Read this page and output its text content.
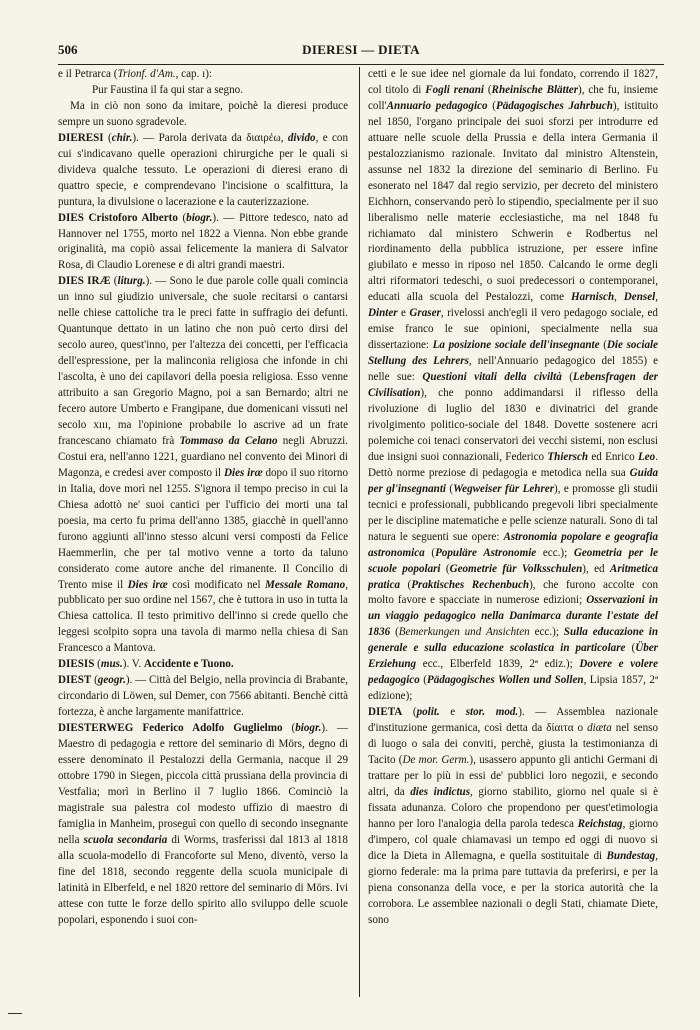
506	DIERESI — DIETA

e il Petrarca (Trionf. d'Am., cap. ı):

Pur Faustina il fa qui star a segno.

Ma in ciò non sono da imitare, poichè la dieresi produce sempre un suono sgradevole.

DIERESI (chir.). — Parola derivata da διαιρέω, divido, e con cui s'indicavano quelle operazioni chirurgiche per le quali si divideva qualche tessuto. Le operazioni di dieresi erano di quattro specie, e comprendevano l'incisione o scalfittura, la puntura, la divulsione o lacerazione e la cauterizzazione.

DIES Cristoforo Alberto (biogr.). — Pittore tedesco, nato ad Hannover nel 1755, morto nel 1822 a Vienna. Non ebbe grande originalità, ma copiò assai felicemente la maniera di Salvator Rosa, di Claudio Lorenese e di altri grandi maestri.

DIES IRÆ (liturg.). — Sono le due parole colle quali comincia un inno sul giudizio universale, che suole recitarsi o cantarsi nelle chiese cattoliche tra le preci fatte in suffragio dei defunti. Quantunque dettato in un latino che non può certo dirsi del secolo aureo, quest'inno, per l'altezza dei concetti, per l'efficacia dell'espressione, per la malinconia religiosa che infonde in chi l'ascolta, è uno dei capilavori della poesia religiosa. Esso venne attribuito a san Gregorio Magno, poi a san Bernardo; altri ne fecero autore Umberto e Frangipane, due domenicani vissuti nel secolo xııı, ma l'opinione probabile lo ascrive ad un frate francescano chiamato frà Tommaso da Celano negli Abruzzi. Costui era, nell'anno 1221, guardiano nel convento dei Minori di Magonza, e credesi aver composto il Dies iræ dopo il suo ritorno in Italia, dove morì nel 1255. S'ignora il tempo preciso in cui la Chiesa adottò ne' suoi cantici per l'ufficio dei morti una tal poesia, ma certo fu prima dell'anno 1385, giacchè in quell'anno furono aggiunti all'inno stesso alcuni versi composti da Felice Haemmerlin, che per tal motivo venne a torto da taluno considerato come autore anche del rimanente. Il Concilio di Trento mise il Dies iræ così modificato nel Messale Romano, pubblicato per suo ordine nel 1567, che è tuttora in uso in tutta la Chiesa cattolica. Il testo primitivo dell'inno si crede quello che leggesi scolpito sopra una tavola di marmo nella chiesa di San Francesco a Mantova.

DIESIS (mus.). V. Accidente e Tuono.

DIEST (geogr.). — Città del Belgio, nella provincia di Brabante, circondario di Löwen, sul Demer, con 7566 abitanti. Benchè città fortezza, è anche largamente manifattrice.

DIESTERWEG Federico Adolfo Guglielmo (biogr.). — Maestro di pedagogia e rettore del seminario di Mörs, degno di essere denominato il Pestalozzi della Germania, nacque il 29 ottobre 1790 in Siegen, piccola città prussiana della provincia di Vestfalia; morì in Berlino il 7 luglio 1866. Cominciò la magistrale sua palestra col modesto uffizio di maestro di famiglia in Manheim, proseguì con quello di secondo insegnante nella scuola secondaria di Worms, trasferissi dal 1813 al 1818 alla scuola-modello di Francoforte sul Meno, diventò, verso la fine del 1818, secondo reggente della scuola municipale di latinità in Elberfeld, e nel 1820 rettore del seminario di Mörs. Ivi attese con tutte le forze dello spirito allo sviluppo delle scuole popolari, esponendo i suoi con-

cetti e le sue idee nel giornale da lui fondato, correndo il 1827, col titolo di Fogli renani (Rheinische Blätter), che fu, insieme coll'Annuario pedagogico (Pädagogisches Jahrbuch), istituito nel 1850, l'organo principale dei suoi sforzi per introdurre ed attuare nelle scuole della Prussia e della intera Germania il pestalozzianismo razionale. Invitato dal ministro Altenstein, assunse nel 1832 la direzione del seminario di Berlino. Fu esonerato nel 1847 dal regio servizio, per decreto del ministero Eichhorn, conservando però lo stipendio, specialmente per il suo liberalismo nelle materie ecclesiastiche, ma nel 1848 fu richiamato dal ministero Schwerin e Rodbertus nel riordinamento della pubblica istruzione, per essere infine giubilato e messo in riposo nel 1850. Calcando le orme degli altri riformatori tedeschi, o suoi predecessori o contemporanei, educati alla scuola del Pestalozzi, come Harnisch, Densel, Dinter e Graser, rivelossi anch'egli il vero pedagogo sociale, ed emise franco le sue opinioni, specialmente nella sua dissertazione: La posizione sociale dell'insegnante (Die sociale Stellung des Lehrers, nell'Annuario pedagogico del 1855) e nelle sue: Questioni vitali della civiltà (Lebensfragen der Civilisation), che ponno addimandarsi il riflesso della rivoluzione di luglio del 1830 e divinatrici del grande rivolgimento politico-sociale del 1848. Dovette sostenere acri polemiche coi tenaci conservatori dei vecchi sistemi, non esclusi due insigni suoi connazionali, Federico Thiersch ed Enrico Leo. Dettò norme preziose di pedagogia e metodica nella sua Guida per gl'insegnanti (Wegweiser für Lehrer), e promosse gli studii tecnici e professionali, pubblicando pregevoli libri specialmente per le discipline matematiche e pelle scienze naturali. Sono di tal natura le seguenti sue opere: Astronomia popolare e geografia astronomica (Populäre Astronomie ecc.); Geometria per le scuole popolari (Geometrie für Volksschulen), ed Aritmetica pratica (Praktisches Rechenbuch), che furono accolte con molto favore e spacciate in numerose edizioni; Osservazioni in un viaggio pedagogico nella Danimarca durante l'estate del 1836 (Bemerkungen und Ansichten ecc.); Sulla educazione in generale e sulla educazione scolastica in particolare (Über Erziehung ecc., Elberfeld 1839, 2ª ediz.); Dovere e volere pedagogico (Pädagogisches Wollen und Sollen, Lipsia 1857, 2ª edizione);

DIETA (polit. e stor. mod.). — Assemblea nazionale d'instituzione germanica, così detta da δίαιτα o diæta nel senso di luogo o sala dei conviti, perchè, giusta la testimonianza di Tacito (De mor. Germ.), usassero appunto gli antichi Germani di trattare per lo più in essi de' pubblici loro negozii, e secondo altri, da dies indictus, giorno stabilito, giorno nel quale si è fissata adunanza. Coloro che propendono per quest'etimologia hanno per loro l'analogia della parola tedesca Reichstag, giorno d'impero, col quale chiamavasi un tempo ed oggi di nuovo si dice la Dieta in Allemagna, e quella sostituitale di Bundestag, giorno federale: ma la prima pare tuttavia da preferirsi, e per la piena consonanza della voce, e per la storica autorità che la corrobora. Le assemblee nazionali o degli Stati, chiamate Diete, sono
